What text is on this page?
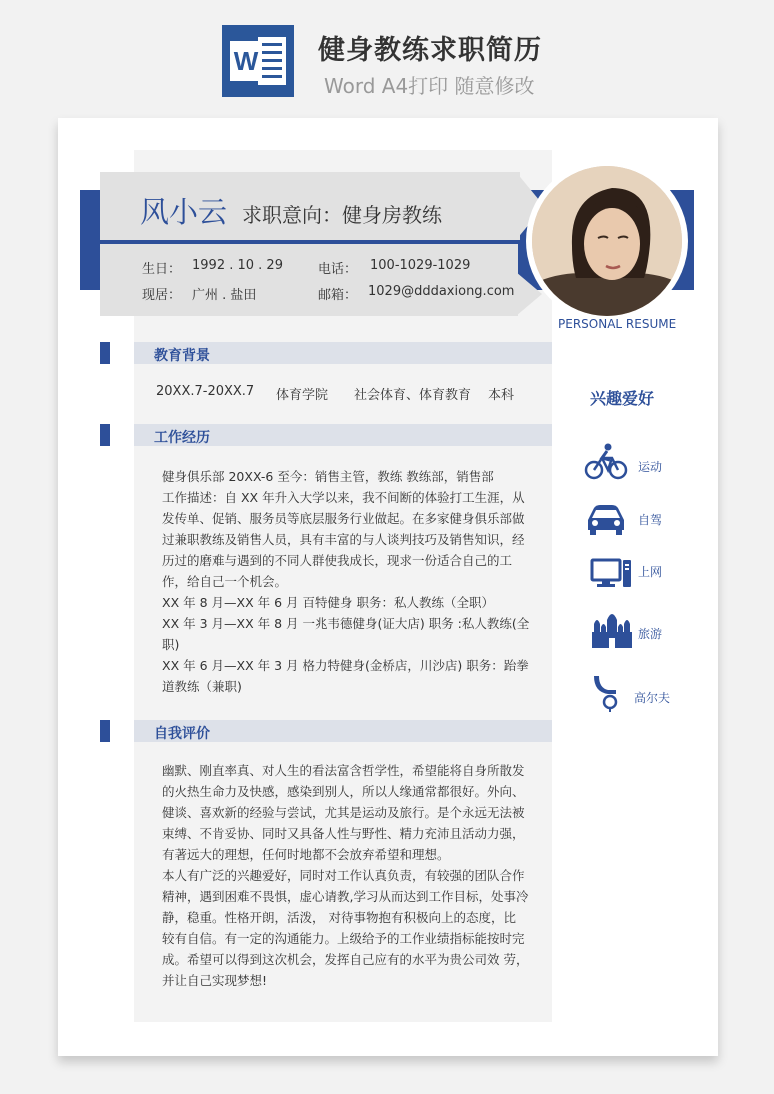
W 健身教练求职简历
Word A4打印 随意修改
风小云 求职意向：健身房教练
生日： 1992 . 10 . 29	电话： 100-1029-1029
现居： 广州 . 盐田	邮箱： 1029@dddaxiong.com
PERSONAL RESUME
教育背景
20XX.7-20XX.7 体育学院 社会体育、体育教育 本科
工作经历

健身俱乐部 20XX-6 至今：销售主管，教练 教练部，销售部

工作描述：自 XX 年升入大学以来，我不间断的体验打工生涯，从

发传单、促销、服务员等底层服务行业做起。在多家健身俱乐部做

过兼职教练及销售人员，具有丰富的与人谈判技巧及销售知识，经

历过的磨难与遇到的不同人群使我成长，现求一份适合自己的工

作，给自己一个机会。

XX 年 8 月—XX 年 6 月 百特健身 职务：私人教练（全职）

XX 年 3 月—XX 年 8 月 一兆韦德健身(证大店) 职务 :私人教练(全

职)

XX 年 6 月—XX 年 3 月 格力特健身(金桥店，川沙店) 职务：跆拳

道教练（兼职)

自我评价

幽默、刚直率真、对人生的看法富含哲学性，希望能将自身所散发

的火热生命力及快感，感染到别人，所以人缘通常都很好。外向、

健谈、喜欢新的经验与尝试，尤其是运动及旅行。是个永远无法被

束缚、不肯妥协、同时又具备人性与野性、精力充沛且活动力强，

有著远大的理想，任何时地都不会放弃希望和理想。

本人有广泛的兴趣爱好，同时对工作认真负责，有较强的团队合作

精神，遇到困难不畏惧，虚心请教,学习从而达到工作目标，处事冷

静，稳重。性格开朗，活泼， 对待事物抱有积极向上的态度，比

较有自信。有一定的沟通能力。上级给予的工作业绩指标能按时完

成。希望可以得到这次机会，发挥自己应有的水平为贵公司效 劳，

并让自己实现梦想!

兴趣爱好
运动
自驾
上网
旅游
高尔夫
